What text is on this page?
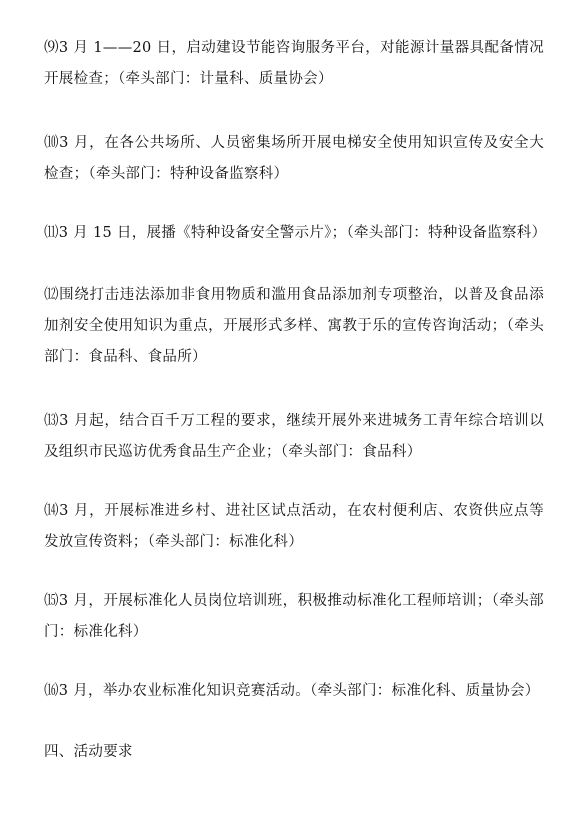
⑼3 月 1——20 日，启动建设节能咨询服务平台，对能源计量器具配备情况开展检查；（牵头部门：计量科、质量协会）
⑽3 月，在各公共场所、人员密集场所开展电梯安全使用知识宣传及安全大检查；（牵头部门：特种设备监察科）
⑾3 月 15 日，展播《特种设备安全警示片》；（牵头部门：特种设备监察科）
⑿围绕打击违法添加非食用物质和滥用食品添加剂专项整治，以普及食品添加剂安全使用知识为重点，开展形式多样、寓教于乐的宣传咨询活动；（牵头部门：食品科、食品所）
⒀3 月起，结合百千万工程的要求，继续开展外来进城务工青年综合培训以及组织市民巡访优秀食品生产企业；（牵头部门：食品科）
⒁3 月，开展标准进乡村、进社区试点活动，在农村便利店、农资供应点等发放宣传资料；（牵头部门：标准化科）
⒂3 月，开展标准化人员岗位培训班，积极推动标准化工程师培训；（牵头部门：标准化科）
⒃3 月，举办农业标准化知识竞赛活动。（牵头部门：标准化科、质量协会）
四、活动要求
